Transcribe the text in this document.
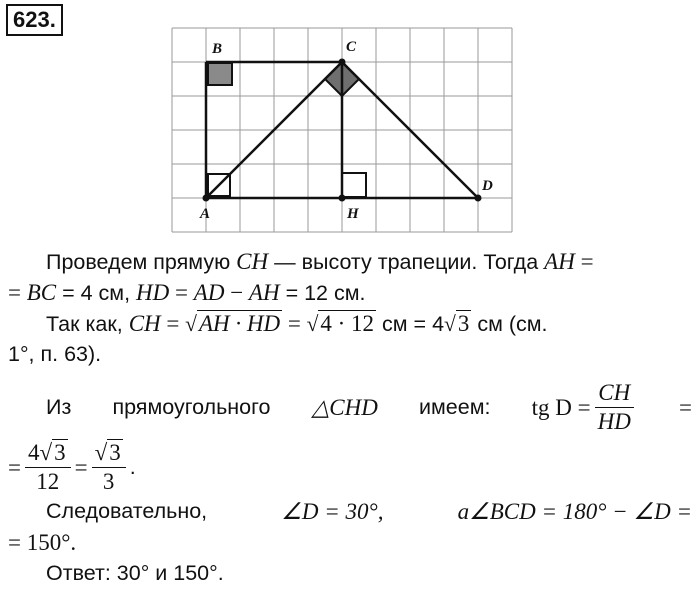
623.
B	C
A	H
D
Проведем прямую CH — высоту трапеции. Тогда AH =
= BC = 4 см, HD = AD − AH = 12 см.
Так как, CH = √AH · HD = √4 · 12 см = 4√3 см (см.
1°, п. 63).
Из прямоугольного △CHD имеем: tg $D = \frac{CH}{HD}$ =
= $\frac{4√3}{12} = \frac{√3}{3}$ .
Следовательно,	∠D = 30°,	a∠BCD = 180° − ∠D =
= 150°.
Ответ: 30° и 150°.
